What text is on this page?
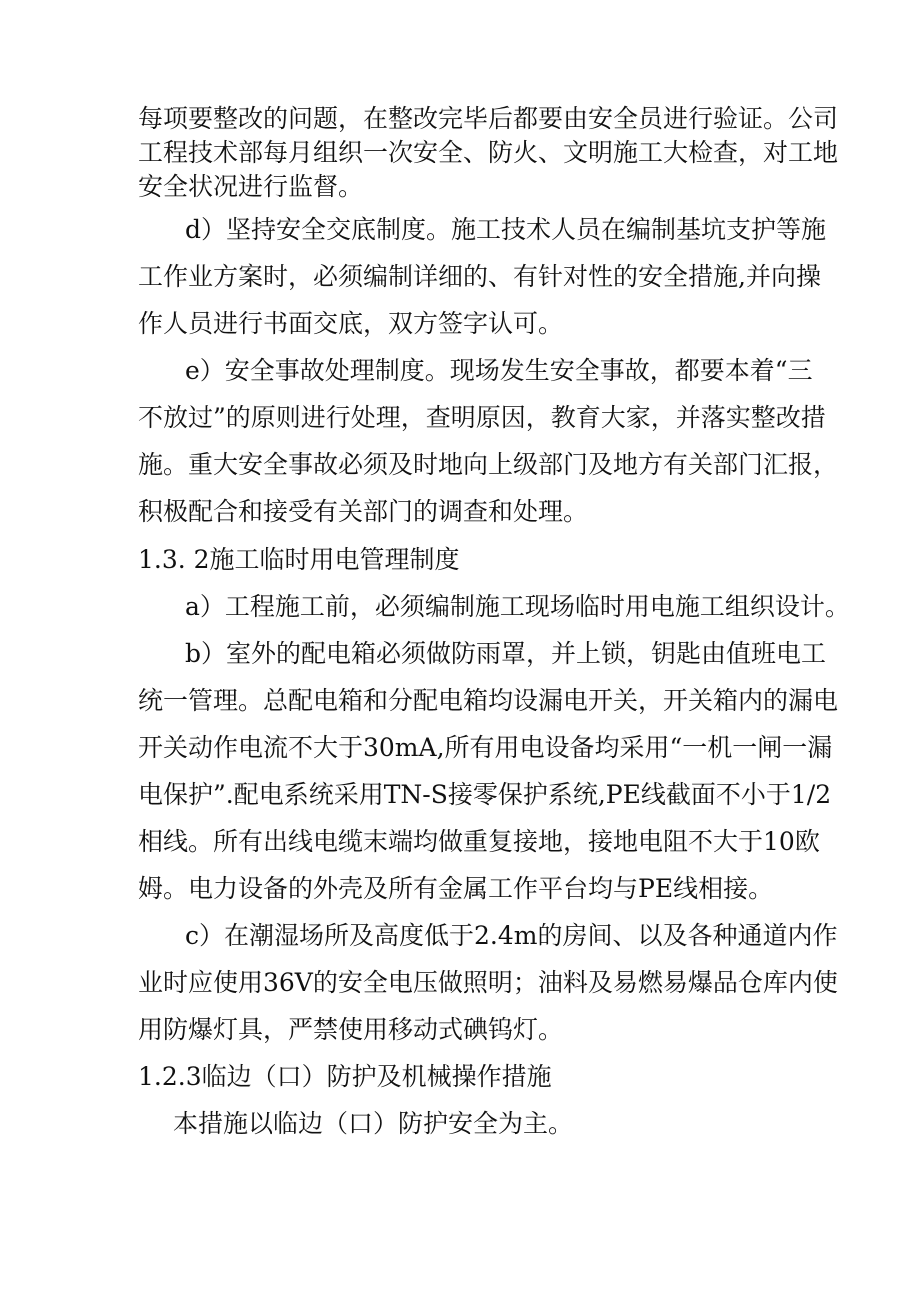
每项要整改的问题，在整改完毕后都要由安全员进行验证。公司
工程技术部每月组织一次安全、防火、文明施工大检查，对工地
安全状况进行监督。
d）坚持安全交底制度。施工技术人员在编制基坑支护等施
工作业方案时，必须编制详细的、有针对性的安全措施,并向操
作人员进行书面交底，双方签字认可。
e）安全事故处理制度。现场发生安全事故，都要本着“三
不放过”的原则进行处理，查明原因，教育大家，并落实整改措
施。重大安全事故必须及时地向上级部门及地方有关部门汇报，
积极配合和接受有关部门的调查和处理。
1.3. 2施工临时用电管理制度
a）工程施工前，必须编制施工现场临时用电施工组织设计。
b）室外的配电箱必须做防雨罩，并上锁，钥匙由值班电工
统一管理。总配电箱和分配电箱均设漏电开关，开关箱内的漏电
开关动作电流不大于30mA,所有用电设备均采用“一机一闸一漏
电保护”.配电系统采用TN-S接零保护系统,PE线截面不小于1/2
相线。所有出线电缆末端均做重复接地，接地电阻不大于10欧
姆。电力设备的外壳及所有金属工作平台均与PE线相接。
c）在潮湿场所及高度低于2.4m的房间、以及各种通道内作
业时应使用36V的安全电压做照明；油料及易燃易爆品仓库内使
用防爆灯具，严禁使用移动式碘钨灯。
1.2.3临边（口）防护及机械操作措施
本措施以临边（口）防护安全为主。
